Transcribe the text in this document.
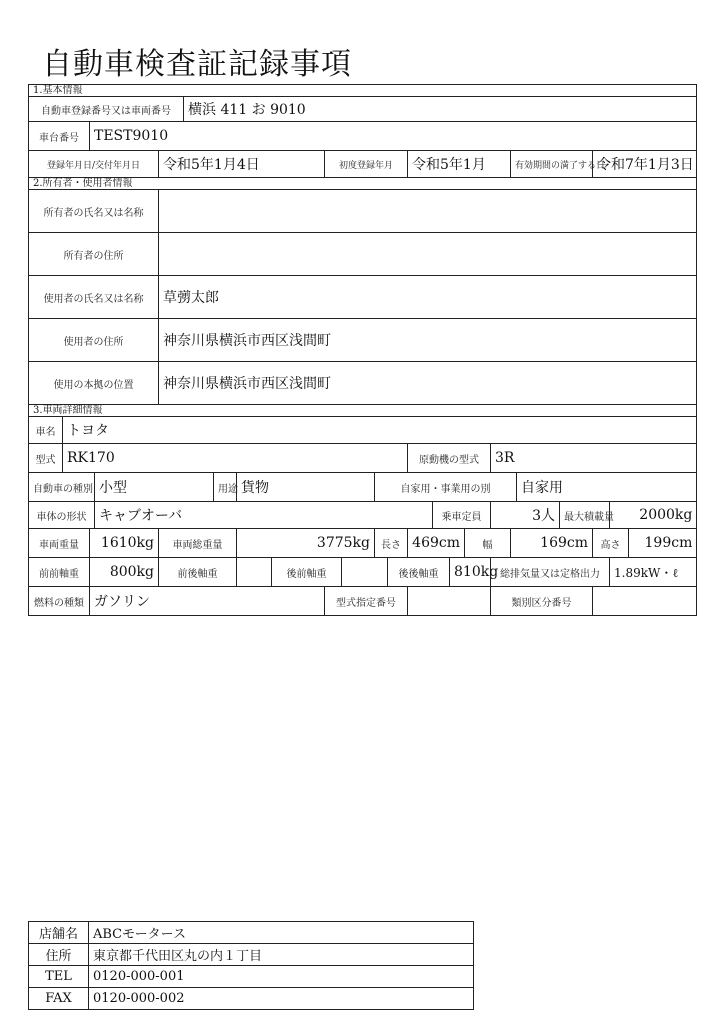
自動車検査証記録事項
1.基本情報																							
自動車登録番号又は車両番号					横浜 411 お 9010																		
車台番号		TEST9010																					
登録年月日/交付年月日				令和5年1月4日					初度登録年月				令和5年1月					有効期間の満了する日			令和7年1月3日		
2.所有者・使用者情報																							
所有者の氏名又は名称																							
所有者の住所																							
使用者の氏名又は名称				草彅太郎																			
使用者の住所				神奈川県横浜市西区浅間町																			
使用の本拠の位置				神奈川県横浜市西区浅間町																			
3.車両詳細情報																							
車名	トヨタ																						
型式	RK170												原動機の型式				3R						
自動車の種別			小型			用途	貨物				自家用・事業用の別								自家用				
車体の形状			キャブオーバ											乗車定員			3人			最大積載量		2000kg	
車両重量		1610kg		車両総重量			3775kg				長さ		469cm			幅		169cm			高さ		199cm
前前軸重		800kg		前後軸重				後前軸重				後後軸重			810kg		総排気量又は定格出力					1.89kW・ℓ	
燃料の種類		ガソリン							型式指定番号								類別区分番号						
店舗名	ABCモータース
住所	東京都千代田区丸の内１丁目
TEL	0120-000-001
FAX	0120-000-002
